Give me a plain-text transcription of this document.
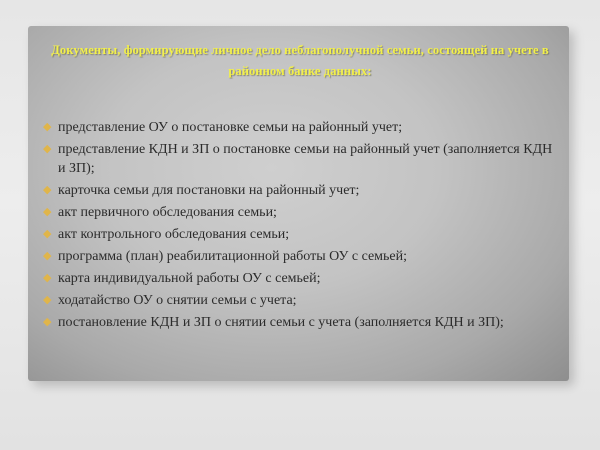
Документы, формирующие личное дело неблагополучной семьи, состоящей на учете в районном банке данных:
◆ представление ОУ о постановке семьи на районный учет;
◆ представление КДН и ЗП о постановке семьи на районный учет (заполняется КДН и ЗП);
◆ карточка семьи для постановки на районный учет;
◆ акт первичного обследования семьи;
◆ акт контрольного обследования семьи;
◆ программа (план) реабилитационной работы ОУ с семьей;
◆ карта индивидуальной работы ОУ с семьей;
◆ ходатайство ОУ о снятии семьи с учета;
◆ постановление КДН и ЗП о снятии семьи с учета (заполняется КДН и ЗП);
